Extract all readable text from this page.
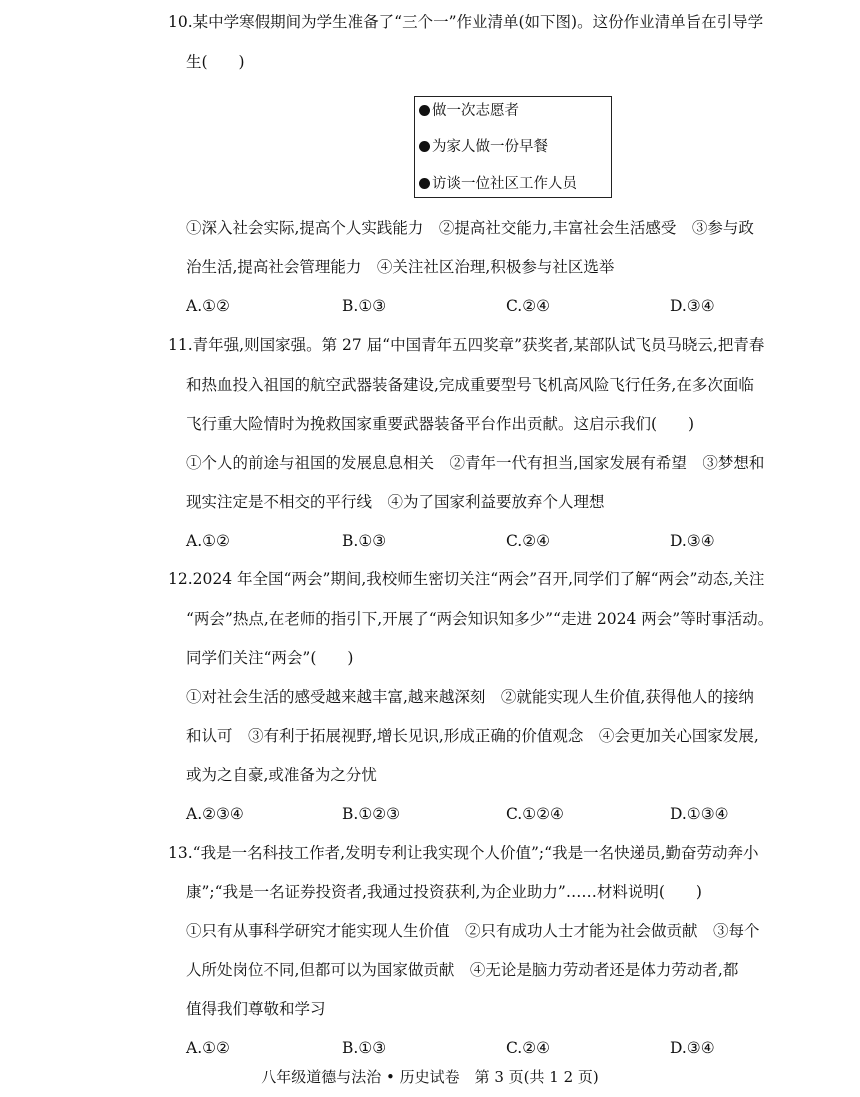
10.某中学寒假期间为学生准备了“三个一”作业清单(如下图)。这份作业清单旨在引导学
生(　　)
做一次志愿者
为家人做一份早餐
访谈一位社区工作人员
①深入社会实际,提高个人实践能力　②提高社交能力,丰富社会生活感受　③参与政
治生活,提高社会管理能力　④关注社区治理,积极参与社区选举
A.①②	B.①③	C.②④	D.③④
11.青年强,则国家强。第 27 届“中国青年五四奖章”获奖者,某部队试飞员马晓云,把青春
和热血投入祖国的航空武器装备建设,完成重要型号飞机高风险飞行任务,在多次面临
飞行重大险情时为挽救国家重要武器装备平台作出贡献。这启示我们(　　)
①个人的前途与祖国的发展息息相关　②青年一代有担当,国家发展有希望　③梦想和
现实注定是不相交的平行线　④为了国家利益要放弃个人理想
A.①②	B.①③	C.②④	D.③④
12.2024 年全国“两会”期间,我校师生密切关注“两会”召开,同学们了解“两会”动态,关注
“两会”热点,在老师的指引下,开展了“两会知识知多少”“走进 2024 两会”等时事活动。
同学们关注“两会”(　　)
①对社会生活的感受越来越丰富,越来越深刻　②就能实现人生价值,获得他人的接纳
和认可　③有利于拓展视野,增长见识,形成正确的价值观念　④会更加关心国家发展,
或为之自豪,或准备为之分忧
A.②③④	B.①②③	C.①②④	D.①③④
13.“我是一名科技工作者,发明专利让我实现个人价值”;“我是一名快递员,勤奋劳动奔小
康”;“我是一名证券投资者,我通过投资获利,为企业助力”……材料说明(　　)
①只有从事科学研究才能实现人生价值　②只有成功人士才能为社会做贡献　③每个
人所处岗位不同,但都可以为国家做贡献　④无论是脑力劳动者还是体力劳动者,都
值得我们尊敬和学习
A.①②	B.①③	C.②④	D.③④
八年级道德与法治 • 历史试卷　第 3 页(共 1 2 页)
